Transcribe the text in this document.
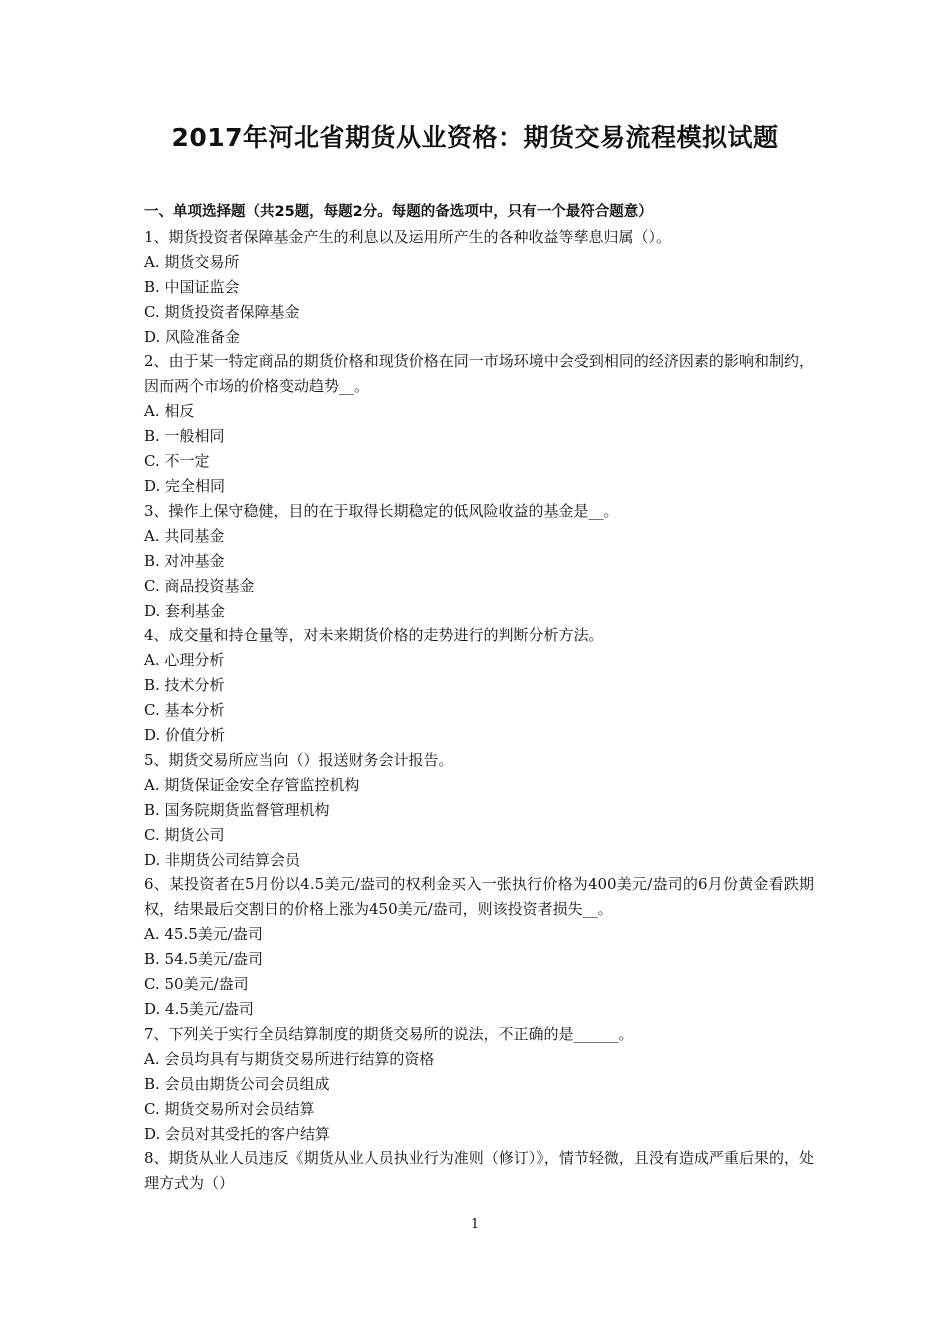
2017年河北省期货从业资格：期货交易流程模拟试题
一、单项选择题（共25题，每题2分。每题的备选项中，只有一个最符合题意）

1、期货投资者保障基金产生的利息以及运用所产生的各种收益等孳息归属（）。

A. 期货交易所

B. 中国证监会

C. 期货投资者保障基金

D. 风险准备金

2、由于某一特定商品的期货价格和现货价格在同一市场环境中会受到相同的经济因素的影响和制约，因而两个市场的价格变动趋势__。

A. 相反

B. 一般相同

C. 不一定

D. 完全相同

3、操作上保守稳健，目的在于取得长期稳定的低风险收益的基金是__。

A. 共同基金

B. 对冲基金

C. 商品投资基金

D. 套利基金

4、成交量和持仓量等，对未来期货价格的走势进行的判断分析方法。

A. 心理分析

B. 技术分析

C. 基本分析

D. 价值分析

5、期货交易所应当向（）报送财务会计报告。

A. 期货保证金安全存管监控机构

B. 国务院期货监督管理机构

C. 期货公司

D. 非期货公司结算会员

6、某投资者在5月份以4.5美元/盎司的权利金买入一张执行价格为400美元/盎司的6月份黄金看跌期权，结果最后交割日的价格上涨为450美元/盎司，则该投资者损失__。

A. 45.5美元/盎司

B. 54.5美元/盎司

C. 50美元/盎司

D. 4.5美元/盎司

7、下列关于实行全员结算制度的期货交易所的说法，不正确的是______。

A. 会员均具有与期货交易所进行结算的资格

B. 会员由期货公司会员组成

C. 期货交易所对会员结算

D. 会员对其受托的客户结算

8、期货从业人员违反《期货从业人员执业行为准则（修订）》，情节轻微，且没有造成严重后果的，处理方式为（）

1
